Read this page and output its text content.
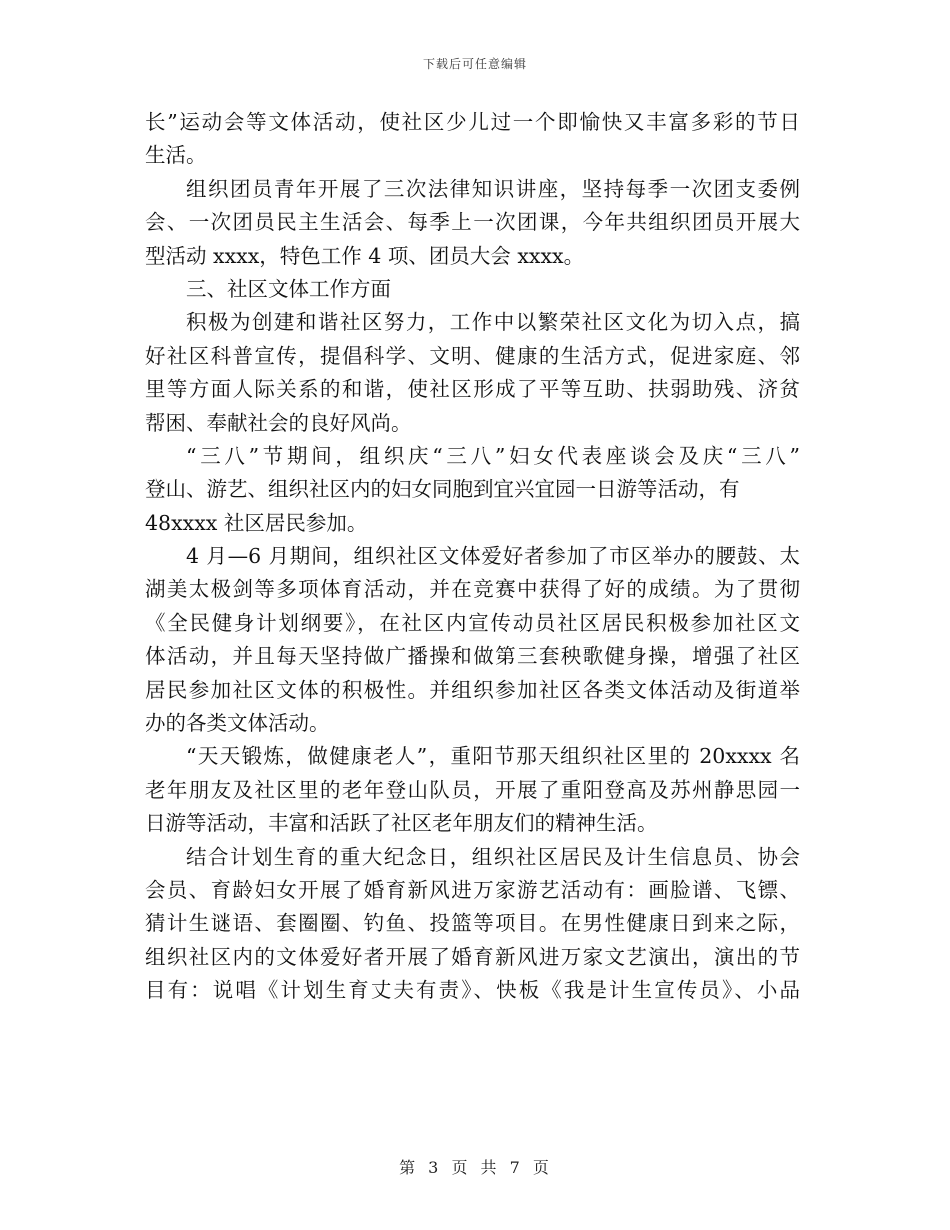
下载后可任意编辑
长”运动会等文体活动，使社区少儿过一个即愉快又丰富多彩的节日
生活。
组织团员青年开展了三次法律知识讲座，坚持每季一次团支委例
会、一次团员民主生活会、每季上一次团课，今年共组织团员开展大
型活动 xxxx，特色工作 4 项、团员大会 xxxx。
三、社区文体工作方面
积极为创建和谐社区努力，工作中以繁荣社区文化为切入点，搞
好社区科普宣传，提倡科学、文明、健康的生活方式，促进家庭、邻
里等方面人际关系的和谐，使社区形成了平等互助、扶弱助残、济贫
帮困、奉献社会的良好风尚。
“三八”节期间，组织庆“三八”妇女代表座谈会及庆“三八”
登山、游艺、组织社区内的妇女同胞到宜兴宜园一日游等活动，有
48xxxx 社区居民参加。
4 月—6 月期间，组织社区文体爱好者参加了市区举办的腰鼓、太
湖美太极剑等多项体育活动，并在竞赛中获得了好的成绩。为了贯彻
《全民健身计划纲要》，在社区内宣传动员社区居民积极参加社区文
体活动，并且每天坚持做广播操和做第三套秧歌健身操，增强了社区
居民参加社区文体的积极性。并组织参加社区各类文体活动及街道举
办的各类文体活动。
“天天锻炼，做健康老人”，重阳节那天组织社区里的 20xxxx 名
老年朋友及社区里的老年登山队员，开展了重阳登高及苏州静思园一
日游等活动，丰富和活跃了社区老年朋友们的精神生活。
结合计划生育的重大纪念日，组织社区居民及计生信息员、协会
会员、育龄妇女开展了婚育新风进万家游艺活动有：画脸谱、飞镖、
猜计生谜语、套圈圈、钓鱼、投篮等项目。在男性健康日到来之际，
组织社区内的文体爱好者开展了婚育新风进万家文艺演出，演出的节
目有：说唱《计划生育丈夫有责》、快板《我是计生宣传员》、小品
第 3 页 共 7 页
